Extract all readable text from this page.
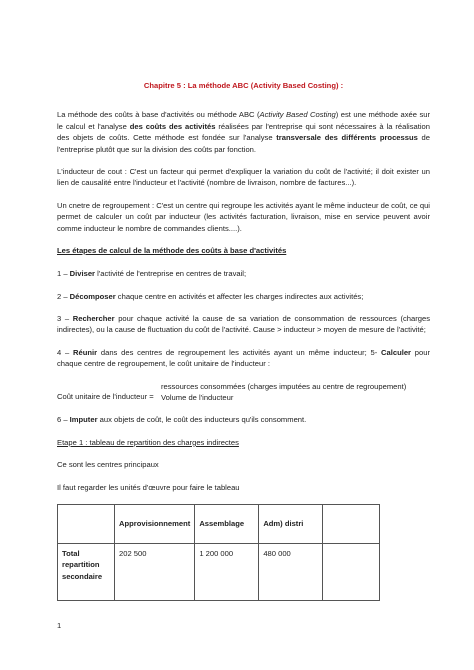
Chapitre 5 : La méthode ABC (Activity Based Costing) :

La méthode des coûts à base d'activités ou méthode ABC (Activity Based Costing) est une méthode axée sur le calcul et l'analyse des coûts des activités réalisées par l'entreprise qui sont nécessaires à la réalisation des objets de coûts. Cette méthode est fondée sur l'analyse transversale des différents processus de l'entreprise plutôt que sur la division des coûts par fonction.

L'inducteur de cout : C'est un facteur qui permet d'expliquer la variation du coût de l'activité; il doit exister un lien de causalité entre l'inducteur et l'activité (nombre de livraison, nombre de factures...).

Un cnetre de regroupement : C'est un centre qui regroupe les activités ayant le même inducteur de coût, ce qui permet de calculer un coût par inducteur (les activités facturation, livraison, mise en service peuvent avoir comme inducteur le nombre de commandes clients....).

Les étapes de calcul de la méthode des coûts à base d'activités

1 – Diviser l'activité de l'entreprise en centres de travail;

2 – Décomposer chaque centre en activités et affecter les charges indirectes aux activités;

3 – Rechercher pour chaque activité la cause de sa variation de consommation de ressources (charges indirectes), ou la cause de fluctuation du coût de l'activité. Cause > inducteur > moyen de mesure de l'activité;

4 – Réunir dans des centres de regroupement les activités ayant un même inducteur; 5- Calculer pour chaque centre de regroupement, le coût unitaire de l'inducteur :

Coût unitaire de l'inducteur =
ressources consommées (charges imputées au centre de regroupement) Volume de l'inducteur

6 – Imputer aux objets de coût, le coût des inducteurs qu'ils consomment.

Etape 1 : tableau de repartition des charges indirectes

Ce sont les centres principaux

Il faut regarder les unités d'œuvre pour faire le tableau

	Approvisionnement	Assemblage	Adm) distri	
Total repartition secondaire	202 500	1 200 000	480 000	
1
